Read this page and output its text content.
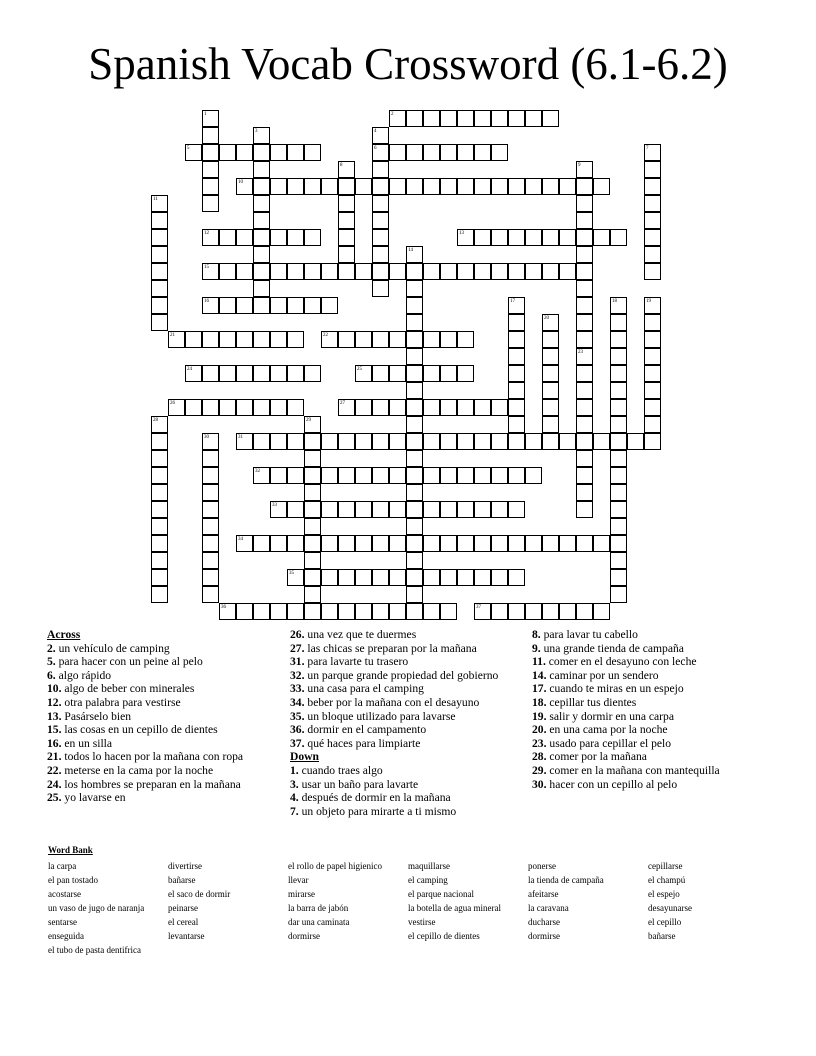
Spanish Vocab Crossword (6.1-6.2)
1	2
3	4
5	6	7
8	9
10
11
12	13
14
15
16	17	18	19
20
21	22
23
24	25
26	27
28	29
30	31
32
33
34
35
36	37
Across
2. un vehículo de camping
5. para hacer con un peine al pelo
6. algo rápido
10. algo de beber con minerales
12. otra palabra para vestirse
13. Pasárselo bien
15. las cosas en un cepillo de dientes
16. en un silla
21. todos lo hacen por la mañana con ropa
22. meterse en la cama por la noche
24. los hombres se preparan en la mañana
25. yo lavarse en
26. una vez que te duermes
27. las chicas se preparan por la mañana
31. para lavarte tu trasero
32. un parque grande propiedad del gobierno
33. una casa para el camping
34. beber por la mañana con el desayuno
35. un bloque utilizado para lavarse
36. dormir en el campamento
37. qué haces para limpiarte
Down
1. cuando traes algo
3. usar un baño para lavarte
4. después de dormir en la mañana
7. un objeto para mirarte a ti mismo
8. para lavar tu cabello
9. una grande tienda de campaña
11. comer en el desayuno con leche
14. caminar por un sendero
17. cuando te miras en un espejo
18. cepillar tus dientes
19. salir y dormir en una carpa
20. en una cama por la noche
23. usado para cepillar el pelo
28. comer por la mañana
29. comer en la mañana con mantequilla
30. hacer con un cepillo al pelo
Word Bank
la carpa	divertirse	el rollo de papel higienico	maquillarse	ponerse	cepillarse
el pan tostado	bañarse	llevar	el camping	la tienda de campaña	el champú
acostarse	el saco de dormir	mirarse	el parque nacional	afeitarse	el espejo
un vaso de jugo de naranja	peinarse	la barra de jabón	la botella de agua mineral	la caravana	desayunarse
sentarse	el cereal	dar una caminata	vestirse	ducharse	el cepillo
enseguida	levantarse	dormirse	el cepillo de dientes	dormirse	bañarse
el tubo de pasta dentifrica
